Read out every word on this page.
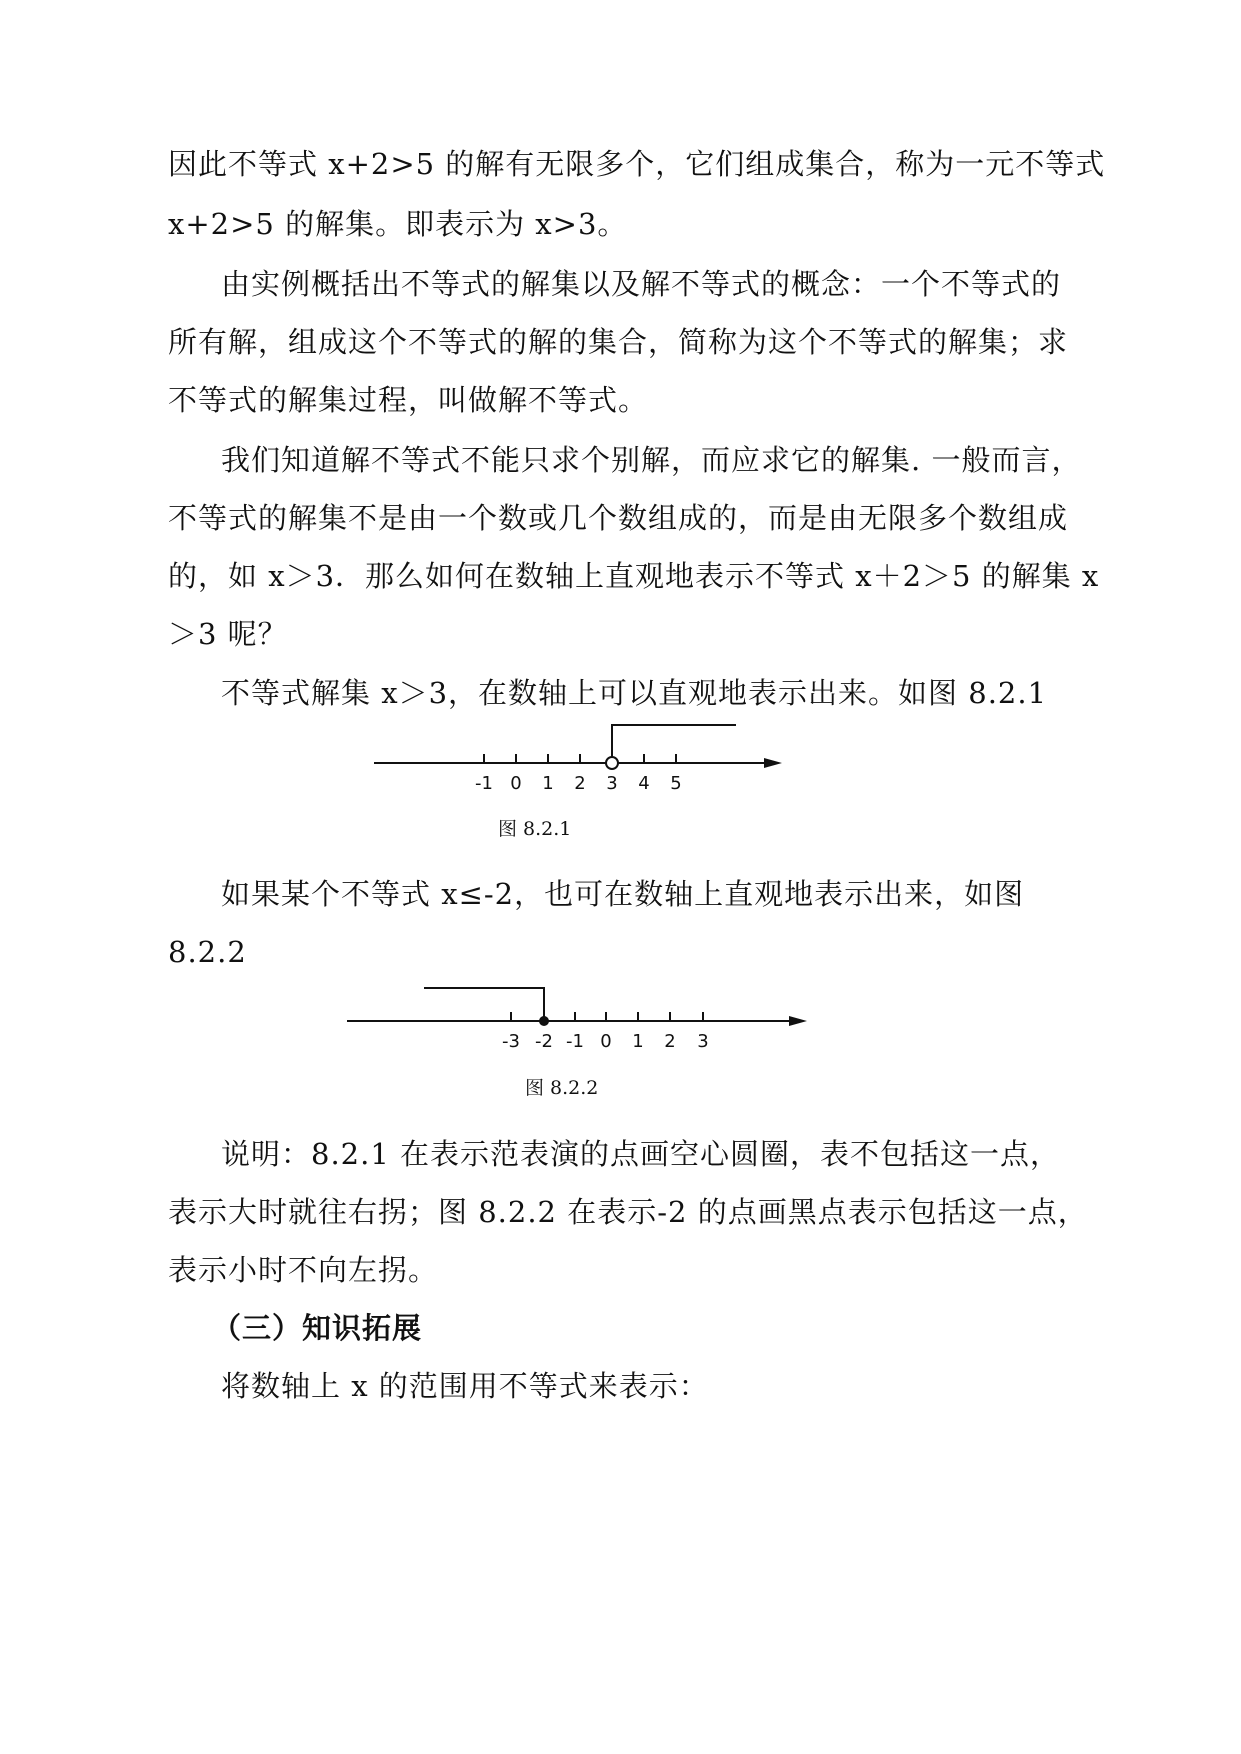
因此不等式 x+2>5 的解有无限多个，它们组成集合，称为一元不等式
x+2>5 的解集。即表示为 x>3。
由实例概括出不等式的解集以及解不等式的概念：一个不等式的
所有解，组成这个不等式的解的集合，简称为这个不等式的解集；求
不等式的解集过程，叫做解不等式。
我们知道解不等式不能只求个别解，而应求它的解集. 一般而言，
不等式的解集不是由一个数或几个数组成的，而是由无限多个数组成
的，如 x＞3．那么如何在数轴上直观地表示不等式 x＋2＞5 的解集 x
＞3 呢？
不等式解集 x＞3，在数轴上可以直观地表示出来。如图 8.2.1
-1 0 1 2 3 4 5
图 8.2.1
如果某个不等式 x≤-2，也可在数轴上直观地表示出来，如图
8.2.2
-3 -2 -1 0 1 2 3
图 8.2.2
说明：8.2.1 在表示范表演的点画空心圆圈，表不包括这一点，
表示大时就往右拐；图 8.2.2 在表示-2 的点画黑点表示包括这一点，
表示小时不向左拐。
（三）知识拓展
将数轴上 x 的范围用不等式来表示：
